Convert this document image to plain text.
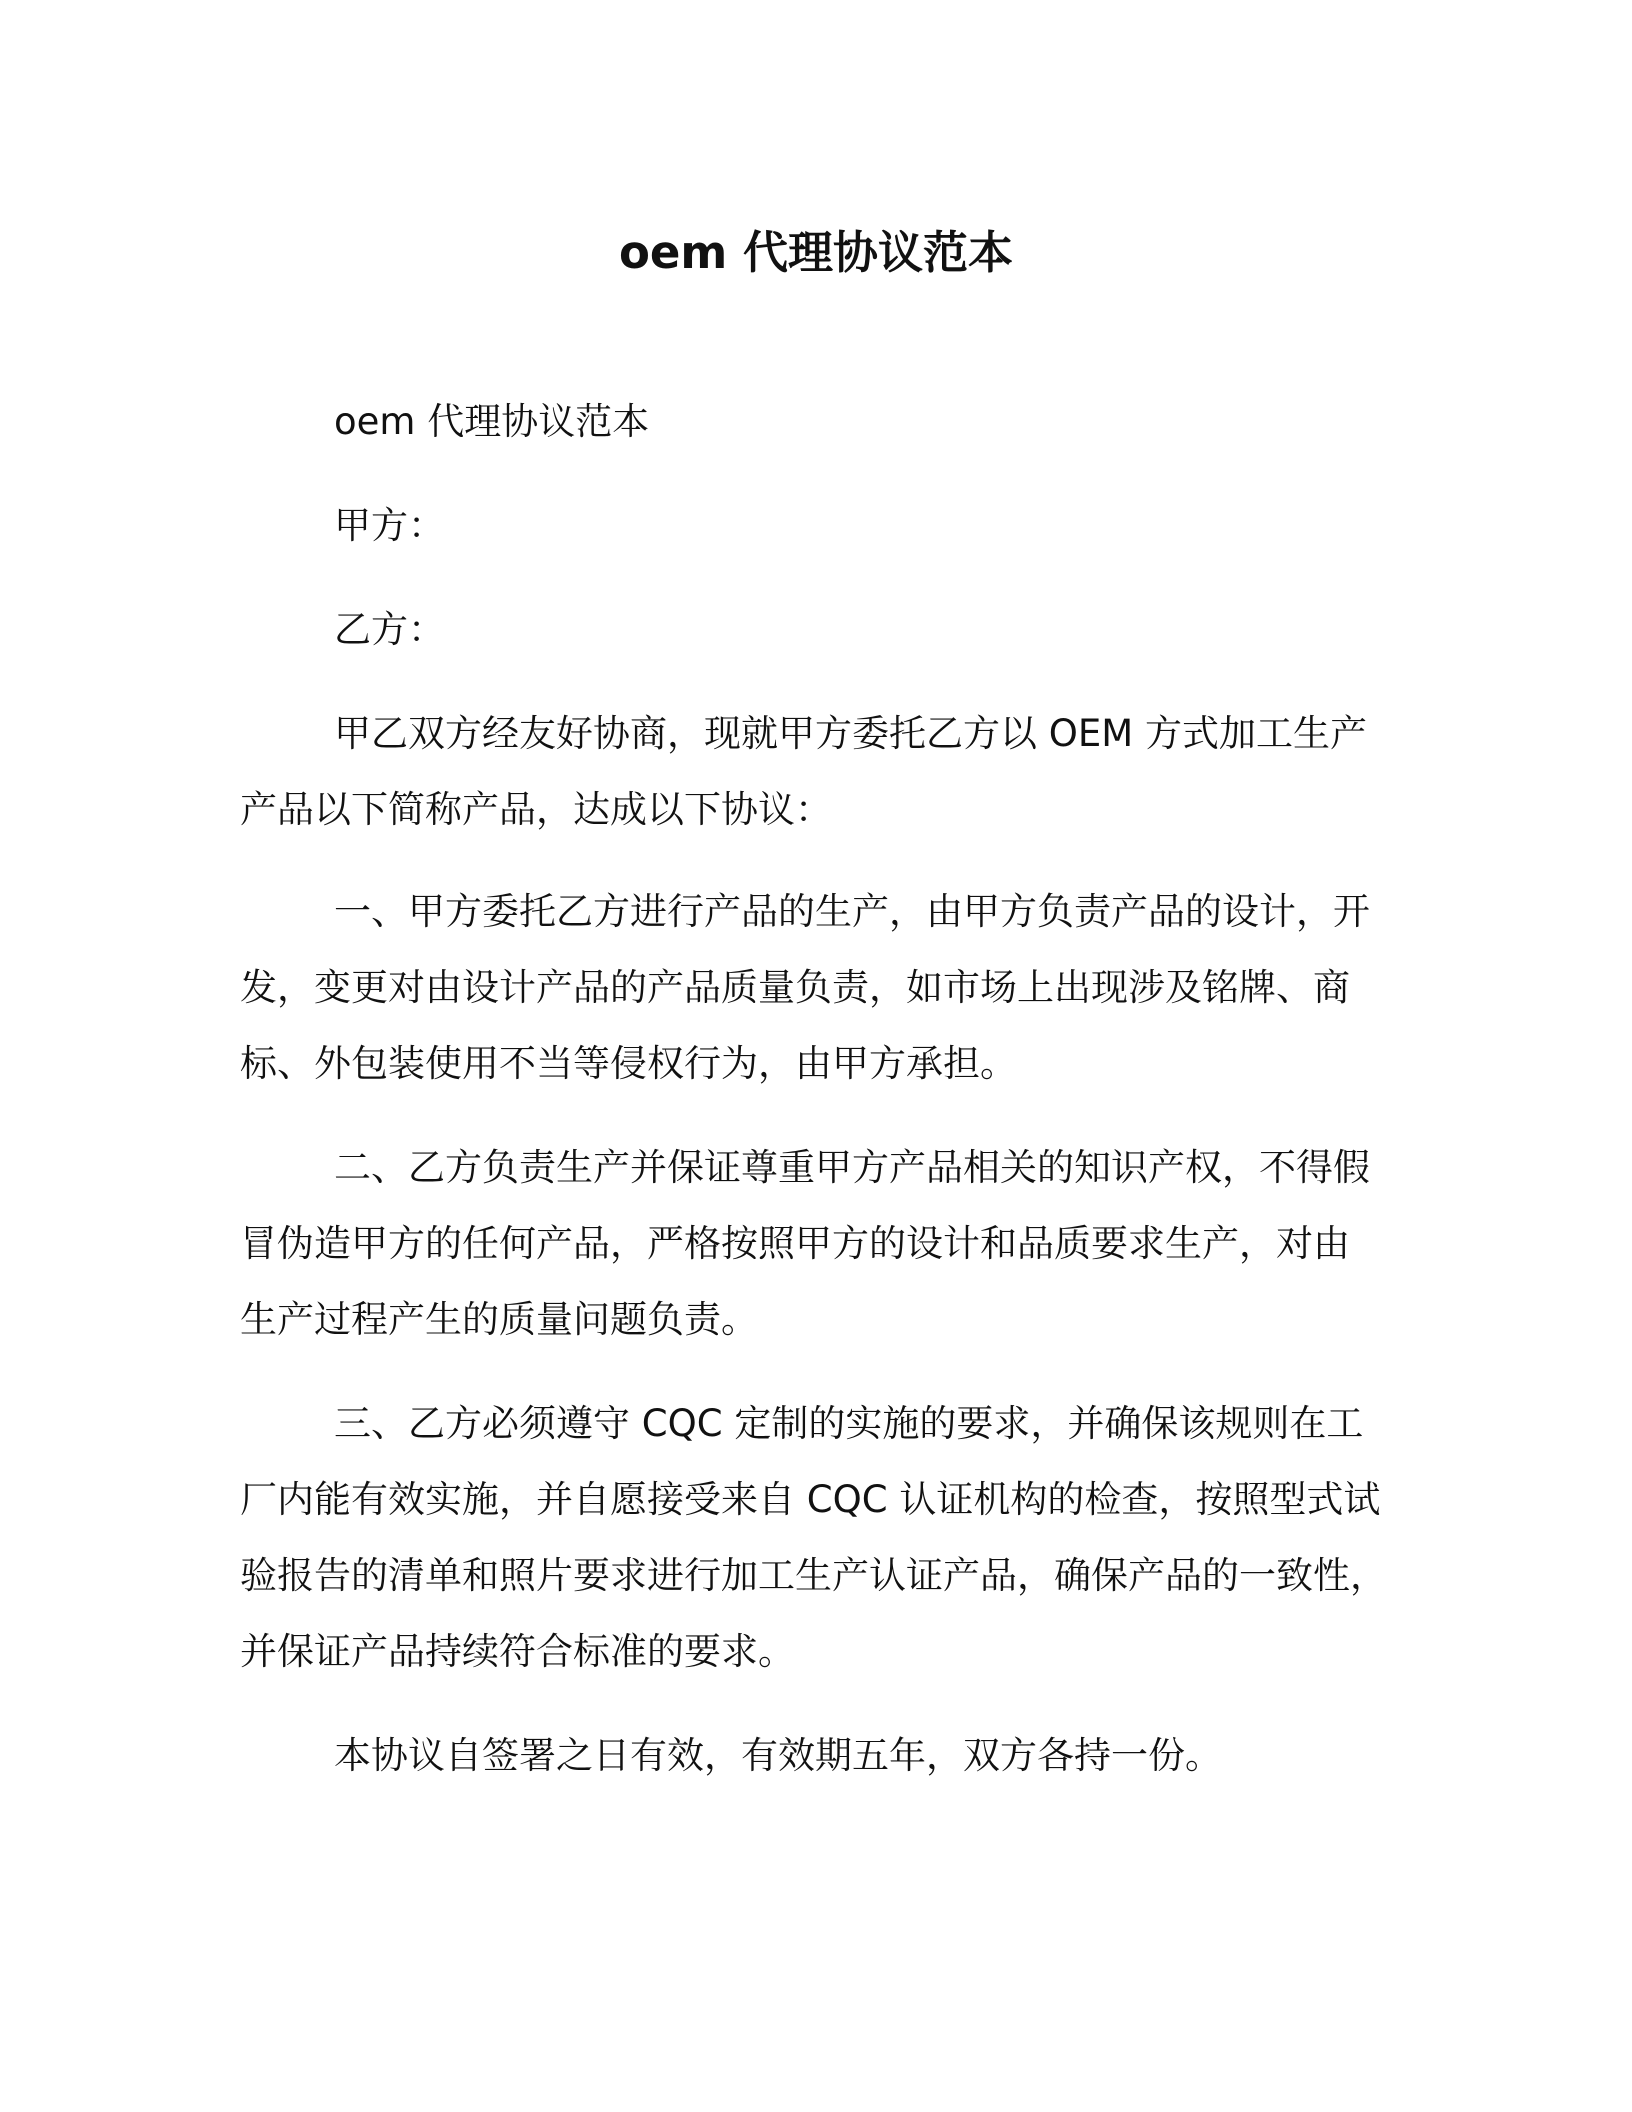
oem 代理协议范本

oem 代理协议范本

甲方：

乙方：

甲乙双方经友好协商，现就甲方委托乙方以 OEM 方式加工生产

产品以下简称产品，达成以下协议：

一、甲方委托乙方进行产品的生产，由甲方负责产品的设计，开

发，变更对由设计产品的产品质量负责，如市场上出现涉及铭牌、商

标、外包装使用不当等侵权行为，由甲方承担。

二、乙方负责生产并保证尊重甲方产品相关的知识产权，不得假

冒伪造甲方的任何产品，严格按照甲方的设计和品质要求生产，对由

生产过程产生的质量问题负责。

三、乙方必须遵守 CQC 定制的实施的要求，并确保该规则在工

厂内能有效实施，并自愿接受来自 CQC 认证机构的检查，按照型式试

验报告的清单和照片要求进行加工生产认证产品，确保产品的一致性，

并保证产品持续符合标准的要求。

本协议自签署之日有效，有效期五年，双方各持一份。
